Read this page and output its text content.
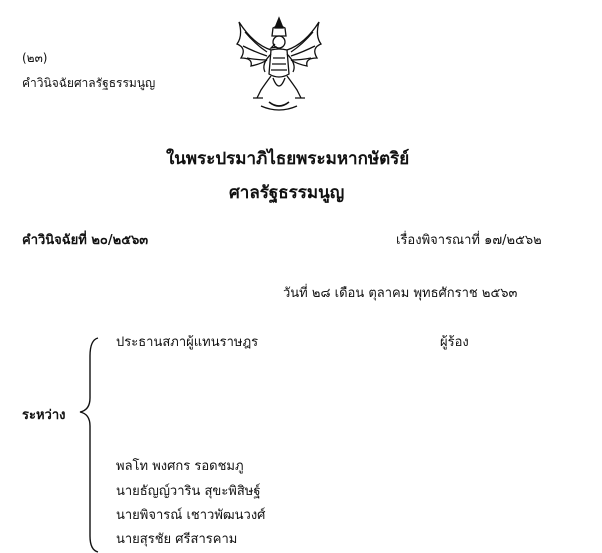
(๒๓)
คำวินิจฉัยศาลรัฐธรรมนูญ
ในพระปรมาภิไธยพระมหากษัตริย์
ศาลรัฐธรรมนูญ
คำวินิจฉัยที่ ๒๐/๒๕๖๓	เรื่องพิจารณาที่ ๑๗/๒๕๖๒
วันที่ ๒๘ เดือน ตุลาคม พุทธศักราช ๒๕๖๓
ประธานสภาผู้แทนราษฎร	ผู้ร้อง
ระหว่าง
พลโท พงศกร รอดชมภู
นายธัญญ์วาริน สุขะพิสิษฐ์
นายพิจารณ์ เชาวพัฒนวงศ์
นายสุรชัย ศรีสารคาม
